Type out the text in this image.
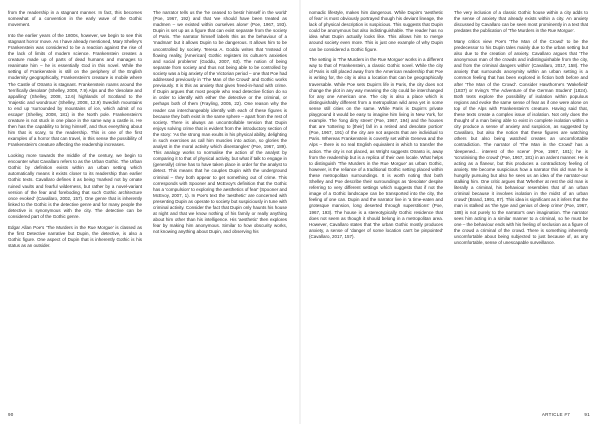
from the readership in a stagnant manner. In fact, this becomes somewhat of a convention in the early wave of the Gothic movement.

Into the earlier years of the 1800s, however, we begin to see this stagnant horror move. As I have already mentioned, Mary Shelley's Frankenstein was considered to be a reaction against the rise of the lack of limits of modern science. Frankenstein creates a creature made up of parts of dead humans and manages to reanimate him – he is essentially God in this novel. While the setting of Frankenstein is still on the periphery of the English modernity geographically, Frankenstein's creature is mobile where The Castle of Otranto is stagnant. Frankenstein roams around the 'terrifically desolate' (Shelley, 2008, 7.9) Alps and the 'desolate and appalling' (Shelley, 2008, 12.6) highlands of Scotland to the 'majestic and wondrous' (Shelley, 2008, 12.9) Swedish mountains to end up 'surrounded by mountains of ice, which admit of no escape' (Shelley, 2008, 181) in the North pole. Frankenstein's creature is not stuck in one place in the same way a castle is. He then has the capability to bring himself, and thus everything about him that is scary, to the readership. This is one of the first examples of a horror that can travel, in this sense the possibility of Frankenstein's creature affecting the readership increases.

Looking more towards the middle of the century, we begin to encounter what Cavallaro refers to as the Urban Gothic. The Urban Gothic by definition exists within an urban setting which automatically means it exists closer to its readership than earlier Gothic texts. Cavallaro defines it as being 'marked not by ornate ruined vaults and fearful wilderness, but rather by a novel-variant version of the fear and foreboding that such Gothic architecture once evoked' (Cavallaro, 2002, 157). One genre that is inherently linked to the Gothic is the detective genre and for many people the detective is synonymous with the city. The detective can be considered part of the Gothic genre.

Edgar Allan Poe's 'The Murders in the Rue Morgue' is classed as the first Detective narrative but Dupin, the detective, is also a Gothic figure. One aspect of Dupin that is inherently Gothic is his status as an outsider.

The narrator tells us the 'he ceased to bestir himself in the world' (Poe, 1967, 192) and that 'we should have been treated as madmen – we existed within ourselves alone' (Poe, 1967, 193). Dupin is set up as a figure that can exist separate from the society of Paris. The narrator himself labels this as the behaviour of a 'madman' but it allows Dupin to be dangerous. It allows him to be uncontrolled by society. Teresa A. Goddu writes that 'Instead of flowing reality, [American] Gothic registers its culture's anxieties and social problems' (Goddu, 2007, 63). The notion of being separate from society and thus not being able to be controlled by society was a big anxiety of the Victorian period – one that Poe had addressed previously in 'The Man of the Crowd' and Gothic works previously. It is this as anxiety that gives freed-in-hand with crime. If Dupin argues that most people who read detective fiction do so in order to identify with either the detective or the criminal, or perhaps both of them (Frayling, 2005, 22). One reason why the reader can interchangeably identify with each of these figures is because they both exist in the same sphere – apart from the rest of society. There is always an uncontrollable tension that Dupin enjoys solving crime that is evident from the introductory section of the story: 'As the strong man exults in his physical ability, delighting in such exercises as call him muscles into action, so glories the analyst in the moral activity which disentangles' (Poe, 1967, 189). This analogy works to normalise the action of the analyst by comparing it to that of physical activity, but what if talk to engage in (generally) crime has to have taken place in order for the analyst to detect. This means that he couples Dupin with the underground criminal – they both appear to get something out of crime. This corresponds with Spooner and McEvoy's definition that the Gothic has a 'compulsion' to exploring the aesthetics of fear' (Spooner and McEvoy, 2007, 1). In Poe's text the 'aesthetic' are concerned with presenting Dupin as operate to society but suspiciously in tune with criminal activity. Consider the fact that Dupin only haunts his house at night and that we know nothing of his family or really anything about him other than his intelligence. His 'aesthetic' then explores fear by making him anonymous. Similar to how obscurity works, not knowing anything about Dupin, and observing his

90

nomadic lifestyle, makes him dangerous. While Dupin's 'aesthetic of fear' is most obviously portrayed though his deviant lineage, the lack of physical description is suspicious. This suggests that Dupin could be anonymous but also indistinguishable. The reader has no idea what Dupin actually looks like. This allows him to merge around society even more. This is just one example of why Dupin can be considered a Gothic figure.

The setting in 'The Murders in the Rue Morgue' works in a different way to that of Frankenstein, a classic Gothic novel. While the city of Paris is still placed away from the American readership that Poe is writing for, the city is also a location that can be geographically traversable. While Poe sets Dupin's life in Paris, the city does not change the plot in any way meaning the city could be interchanged for any one American one. The city is also a place which is distinguishably different from a metropolitan wild area yet in some sense still cities on the same. While Paris is Dupin's private playground it would be easy to imagine him living in New York, for example. The 'long dirty street' (Poe, 1967, 194) and the houses that are 'tottering to [their] fall in a retired and desolate portion' (Poe, 1967, 191) of the city are not aspects that are individual to Paris. Whereas Frankenstein is covertly set within Geneva and the Alps – there is no real English equivalent in which to transfer the action. The city is not placed, as Wright suggests Otranto is, away from the readership but is a replica of their own locale. What helps to distinguish 'The Murders in the Rue Morgue' as urban Gothic, however, is the reliance of a traditional Gothic setting placed within these metropolitan surroundings. It is worth noting that both Shelley and Poe describe their surroundings as 'desolate' despite referring to very different settings which suggests that if not the image of a Gothic landscape can be transported into the city, the feeling of one can. Dupin and the narrator live in 'a time-eaten and grotesque mansion, long deserted through superstitions' (Poe, 1967, 193). The house is a stereotypically Gothic residence that does not seem as though it should belong in a metropolitan area. However, Cavallaro states that 'the urban Gothic mostly produces anxiety, a sense of 'danger of some location can't be pinpointed' (Cavallaro, 2017, 157).

The very inclusion of a classic Gothic house within a city adds to the sense of anxiety that already exists within a city. An anxiety discussed by Cavallaro can be seen most prominently in a text that predates the publication of 'The Murders in the Rue Morgue'.

Many critics view Poe's 'The Man of the Crowd' to be the predecessor to his Dupin tales mainly due to the urban setting but also due to the creation of anxiety. Cavallaro argues that 'The anonymous man of the crowds and indistinguishable from the city, and from the criminal dangers within' (Cavallaro, 2017, 158). The anxiety that surrounds anonymity within an urban setting is a common feeling that has been explored in fiction both before and after 'The Man of the Crowd'. Consider Hawthorne's 'Wakefield' (1837) or Irving's 'The Adventure of the German Student' (1824). Both texts explore the possibility of isolation within populous regions and evoke the same sense of fear as if one were alone on top of the Alps with Frankenstein's creature. Having said that, these texts create a complex issue of isolation. Not only does the thought of a man being able to exist in complete isolation within a city produce a sense of anxiety and suspicion, as suggested by Cavallaro, but also the notion that these figures are watching others but also being watched creates an uncomfortable contradiction. The narrator of 'The Man in the Crowd' has a 'deepened... interest of the scene' (Poe, 1967, 181); he is 'scrutinising the crowd' (Poe, 1967, 181) in an ardent manner. He is acting as a flaneur, but this produces a contradictory feeling of anxiety. We become suspicious how a narrator this old man he is hungrily pursuing but also he sees us an idea of the narrator-our stalking him. One critic argues that 'Whether at rest the old man is literally a criminal, his behaviour resembles that of an urban criminal because it involves isolation in the midst of an urban crowd' (Brand, 1991, 87). This idea is significant as it infers that the man is stalked as 'the type and genius of deep crime' (Poe, 1967, 188) is not purely to the narrator's own imagination. The narrator sees him acting in a similar manner to a criminal, so he must be one – the behaviour ends with his feeling of seclusion as a figure of the crowd a criminal of the crowd. There is something inherently uncomfortable about being subjected to just because of, as any uncomfortable, sense of unescapable surveillance.

ARTICLE #7	91
